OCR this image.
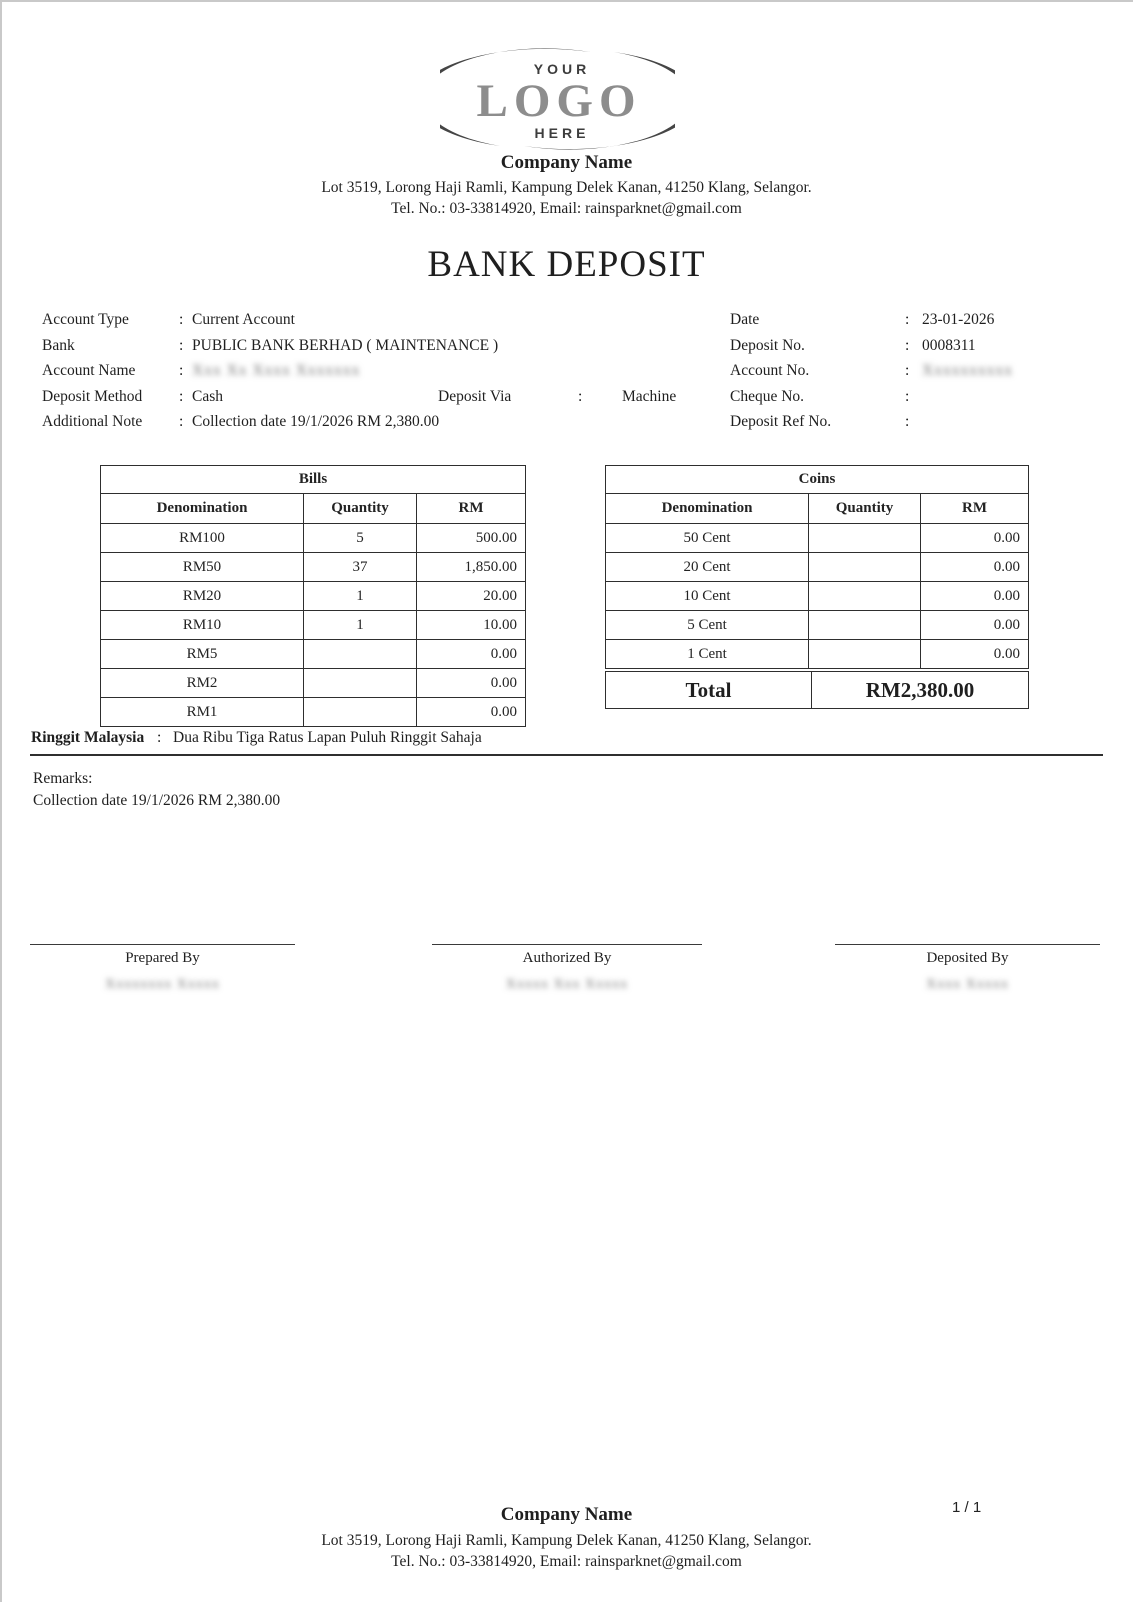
YOUR
LOGO
HERE
Company Name
Lot 3519, Lorong Haji Ramli, Kampung Delek Kanan, 41250 Klang, Selangor.
Tel. No.: 03-33814920, Email: rainsparknet@gmail.com
BANK DEPOSIT
Account Type	: Current Account
Bank	: PUBLIC BANK BERHAD ( MAINTENANCE )
Account Name	: Xxx Xx Xxxx Xxxxxxx
Deposit Method : Cash	Deposit Via	:	Machine
Additional Note : Collection date 19/1/2026 RM 2,380.00
Date	: 23-01-2026
Deposit No.	: 0008311
Account No.	: Xxxxxxxxxx
Cheque No.	:
Deposit Ref No.	:
Bills		
Denomination	Quantity	RM
RM100	5	500.00
RM50	37	1,850.00
RM20	1	20.00
RM10	1	10.00
RM5		0.00
RM2		0.00
RM1		0.00
Coins		
Denomination	Quantity	RM
50 Cent		0.00
20 Cent		0.00
10 Cent		0.00
5 Cent		0.00
1 Cent		0.00
Total	RM2,380.00
Ringgit Malaysia : Dua Ribu Tiga Ratus Lapan Puluh Ringgit Sahaja
Remarks:
Collection date 19/1/2026 RM 2,380.00
Prepared By
Xxxxxxxx Xxxxx
Authorized By
Xxxxx Xxx Xxxxx
Deposited By
Xxxx Xxxxx
Company Name
Lot 3519, Lorong Haji Ramli, Kampung Delek Kanan, 41250 Klang, Selangor.
Tel. No.: 03-33814920, Email: rainsparknet@gmail.com
1 / 1
